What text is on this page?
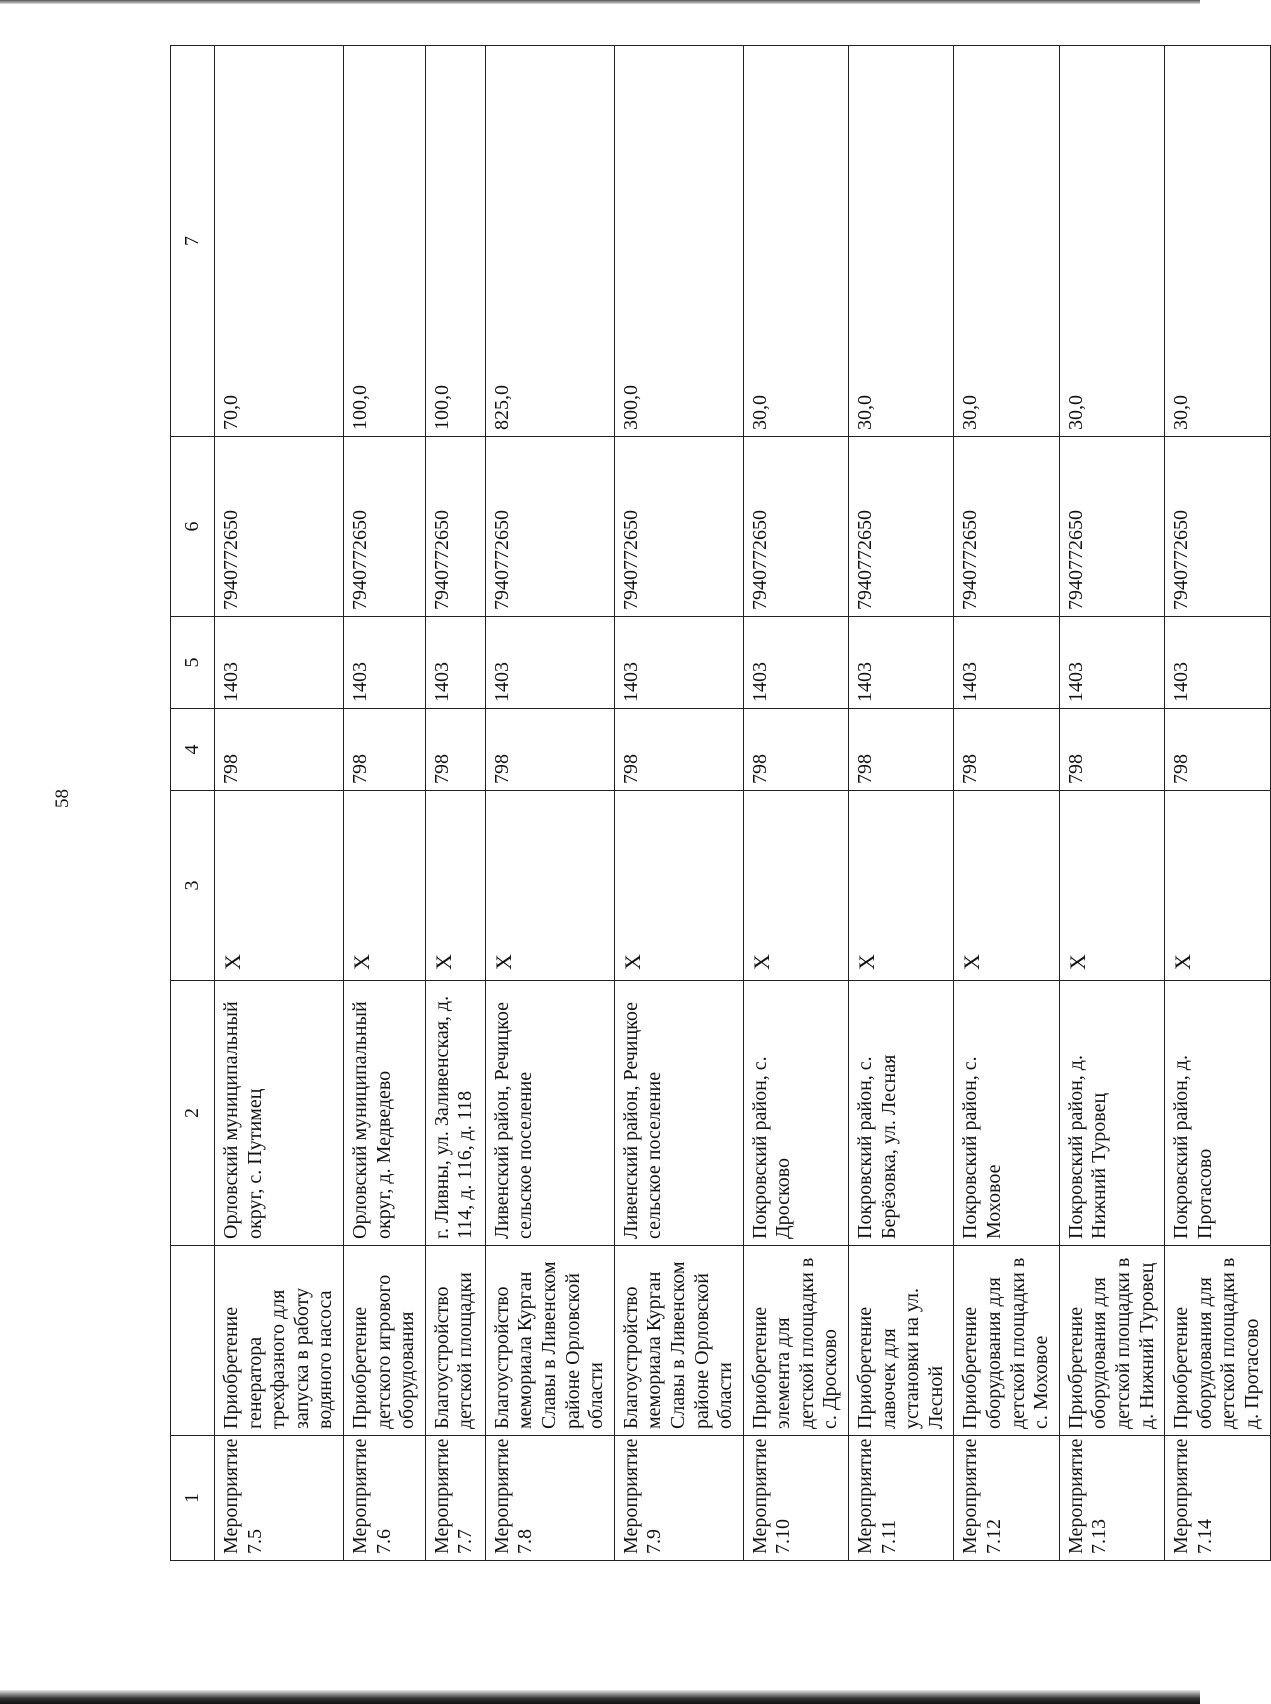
58
1		2	3	4	5	6	7
Мероприятие 7.5	Приобретение генератора трехфазного для запуска в работу водяного насоса	Орловский муниципальный округ, с. Путимец	X	798	1403	7940772650	70,0
Мероприятие 7.6	Приобретение детского игрового оборудования	Орловский муниципальный округ, д. Медведево	X	798	1403	7940772650	100,0
Мероприятие 7.7	Благоустройство детской площадки	г. Ливны, ул. Заливенская, д. 114, д. 116, д. 118	X	798	1403	7940772650	100,0
Мероприятие 7.8	Благоустройство мемориала Курган Славы в Ливенском районе Орловской области	Ливенский район, Речицкое сельское поселение	X	798	1403	7940772650	825,0
Мероприятие 7.9	Благоустройство мемориала Курган Славы в Ливенском районе Орловской области	Ливенский район, Речицкое сельское поселение	X	798	1403	7940772650	300,0
Мероприятие 7.10	Приобретение элемента для детской площадки в с. Дросково	Покровский район, с. Дросково	X	798	1403	7940772650	30,0
Мероприятие 7.11	Приобретение лавочек для установки на ул. Лесной	Покровский район, с. Берёзовка, ул. Лесная	X	798	1403	7940772650	30,0
Мероприятие 7.12	Приобретение оборудования для детской площадки в с. Моховое	Покровский район, с. Моховое	X	798	1403	7940772650	30,0
Мероприятие 7.13	Приобретение оборудования для детской площадки в д. Нижний Туровец	Покровский район, д. Нижний Туровец	X	798	1403	7940772650	30,0
Мероприятие 7.14	Приобретение оборудования для детской площадки в д. Протасово	Покровский район, д. Протасово	X	798	1403	7940772650	30,0
